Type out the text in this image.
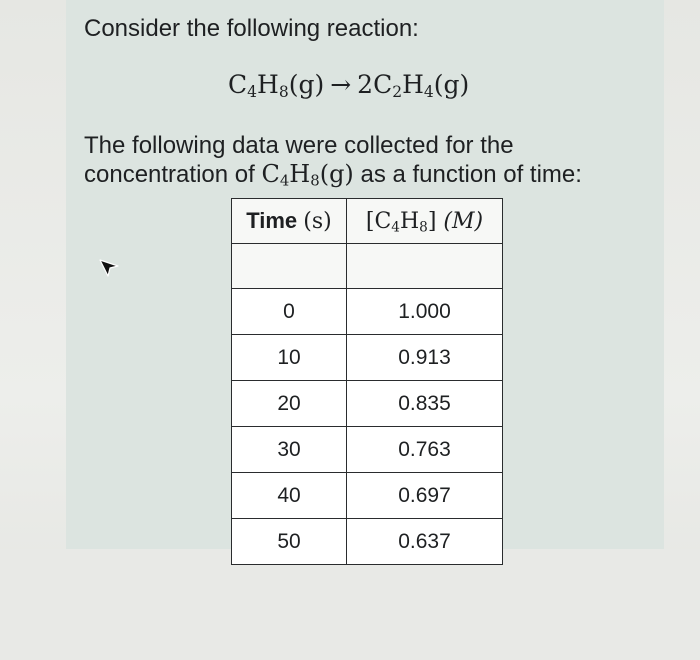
Consider the following reaction:
$C_4H_8(g) \to 2C_2H_4(g)$
The following data were collected for the
concentration of $C_4H_8(g)$ as a function of time:
Time (s)	$[C_4H_8]$ (M)

0	1.000
10	0.913
20	0.835
30	0.763
40	0.697
50	0.637
